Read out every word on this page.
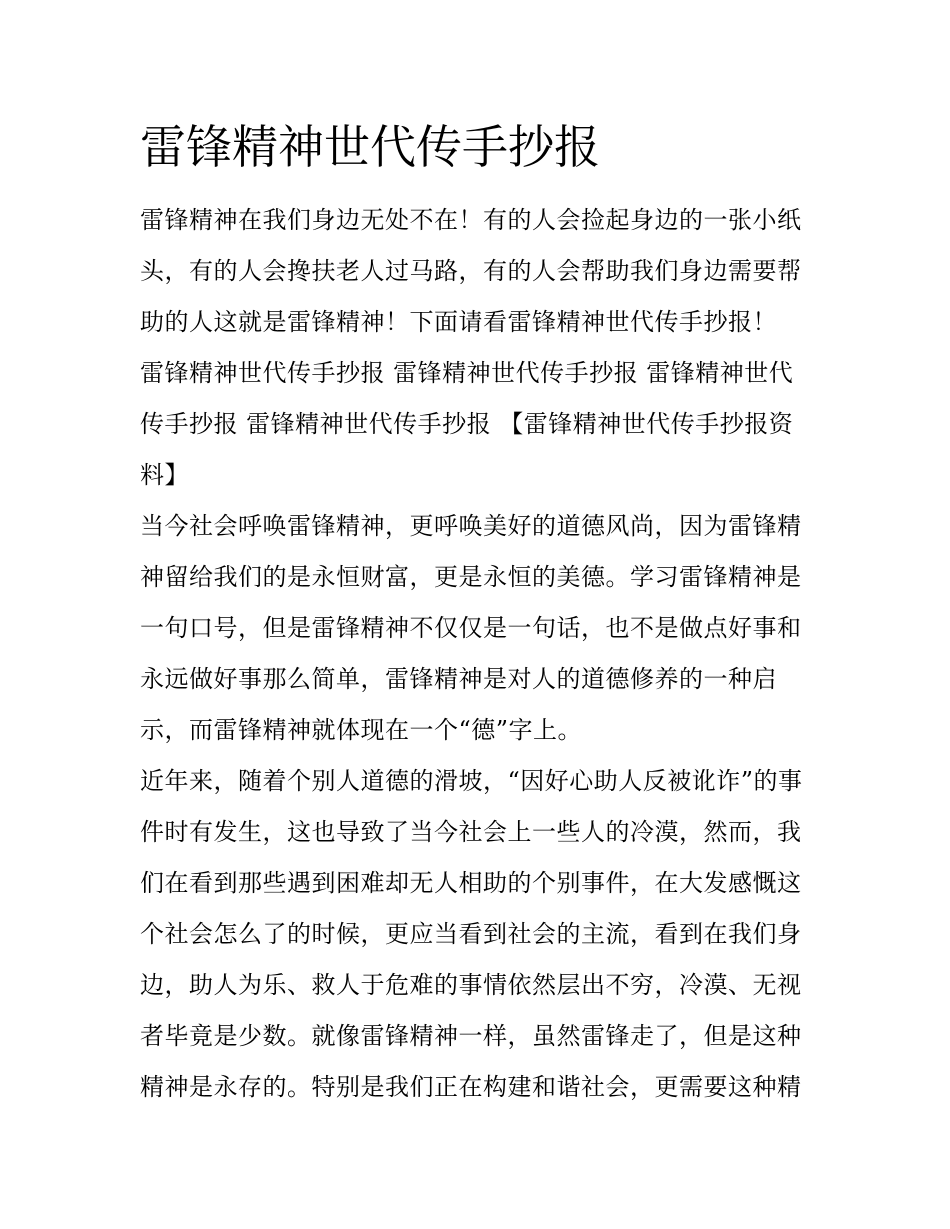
雷锋精神世代传手抄报
雷锋精神在我们身边无处不在！有的人会捡起身边的一张小纸
头，有的人会搀扶老人过马路，有的人会帮助我们身边需要帮
助的人这就是雷锋精神！下面请看雷锋精神世代传手抄报！
雷锋精神世代传手抄报 雷锋精神世代传手抄报 雷锋精神世代
传手抄报 雷锋精神世代传手抄报 【雷锋精神世代传手抄报资
料】
当今社会呼唤雷锋精神，更呼唤美好的道德风尚，因为雷锋精
神留给我们的是永恒财富，更是永恒的美德。学习雷锋精神是
一句口号，但是雷锋精神不仅仅是一句话，也不是做点好事和
永远做好事那么简单，雷锋精神是对人的道德修养的一种启
示，而雷锋精神就体现在一个“德”字上。
近年来，随着个别人道德的滑坡，“因好心助人反被讹诈”的事
件时有发生，这也导致了当今社会上一些人的冷漠，然而，我
们在看到那些遇到困难却无人相助的个别事件，在大发感慨这
个社会怎么了的时候，更应当看到社会的主流，看到在我们身
边，助人为乐、救人于危难的事情依然层出不穷，冷漠、无视
者毕竟是少数。就像雷锋精神一样，虽然雷锋走了，但是这种
精神是永存的。特别是我们正在构建和谐社会，更需要这种精
